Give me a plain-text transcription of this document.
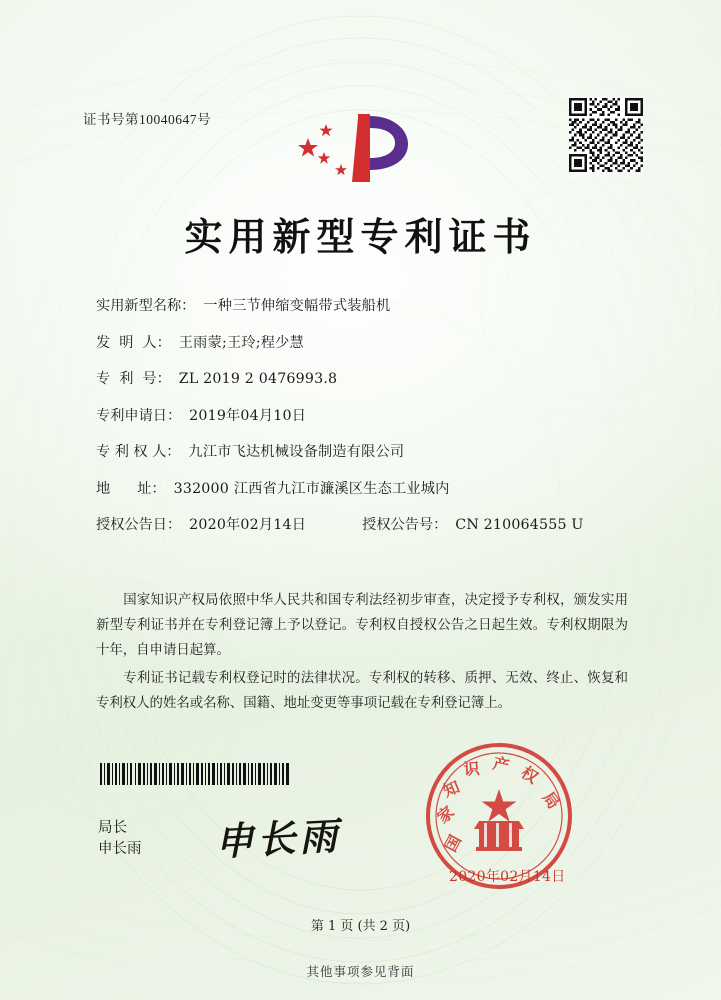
证书号第10040647号
实用新型专利证书
实用新型名称： 一种三节伸缩变幅带式装船机
发  明  人： 王雨蒙;王玲;程少慧
专  利  号： ZL 2019 2 0476993.8
专利申请日： 2019年04月10日
专 利 权 人： 九江市飞达机械设备制造有限公司
地      址： 332000 江西省九江市濂溪区生态工业城内
授权公告日： 2020年02月14日	授权公告号： CN 210064555 U
国家知识产权局依照中华人民共和国专利法经初步审查，决定授予专利权，颁发实用新型专利证书并在专利登记簿上予以登记。专利权自授权公告之日起生效。专利权期限为十年，自申请日起算。
专利证书记载专利权登记时的法律状况。专利权的转移、质押、无效、终止、恢复和专利权人的姓名或名称、国籍、地址变更等事项记载在专利登记簿上。
局长
申长雨 申长雨	国
家
知
识 产 权
局
2020年02月14日
第 1 页 (共 2 页)
其他事项参见背面
